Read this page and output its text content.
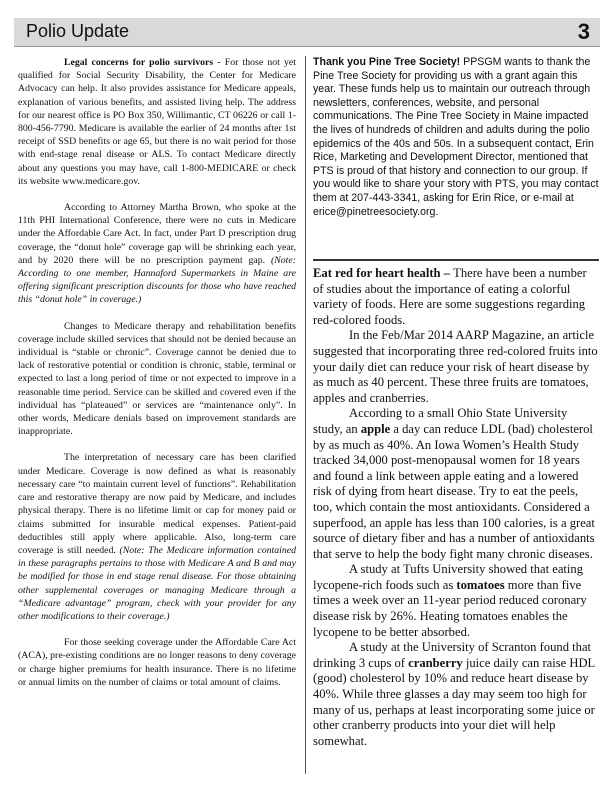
Polio Update	3

Legal concerns for polio survivors - For those not yet qualified for Social Security Disability, the Center for Medicare Advocacy can help. It also provides assistance for Medicare appeals, explanation of various benefits, and assisted living help. The address for our nearest office is PO Box 350, Willimantic, CT 06226 or call 1-800-456-7790. Medicare is available the earlier of 24 months after 1st receipt of SSD benefits or age 65, but there is no wait period for those with end-stage renal disease or ALS. To contact Medicare directly about any questions you may have, call 1-800-MEDICARE or check its website www.medicare.gov.

According to Attorney Martha Brown, who spoke at the 11th PHI International Conference, there were no cuts in Medicare under the Affordable Care Act. In fact, under Part D prescription drug coverage, the “donut hole” coverage gap will be shrinking each year, and by 2020 there will be no prescription payment gap. (Note: According to one member, Hannaford Supermarkets in Maine are offering significant prescription discounts for those who have reached this “donut hole” in coverage.)

Changes to Medicare therapy and rehabilitation benefits coverage include skilled services that should not be denied because an individual is “stable or chronic”. Coverage cannot be denied due to lack of restorative potential or condition is chronic, stable, terminal or expected to last a long period of time or not expected to improve in a reasonable time period. Service can be skilled and covered even if the individual has “plateaued” or services are “maintenance only”. In other words, Medicare denials based on improvement standards are inappropriate.

The interpretation of necessary care has been clarified under Medicare. Coverage is now defined as what is reasonably necessary care “to maintain current level of functions”. Rehabilitation care and restorative therapy are now paid by Medicare, and includes physical therapy. There is no lifetime limit or cap for money paid or claims submitted for insurable medical expenses. Patient-paid deductibles still apply where applicable. Also, long-term care coverage is still needed. (Note: The Medicare information contained in these paragraphs pertains to those with Medicare A and B and may be modified for those in end stage renal disease. For those obtaining other supplemental coverages or managing Medicare through a “Medicare advantage” program, check with your provider for any other modifications to their coverage.)

For those seeking coverage under the Affordable Care Act (ACA), pre-existing conditions are no longer reasons to deny coverage or charge higher premiums for health insurance. There is no lifetime or annual limits on the number of claims or total amount of claims.

Thank you Pine Tree Society! PPSGM wants to thank the Pine Tree Society for providing us with a grant again this year. These funds help us to maintain our outreach through newsletters, conferences, website, and personal communications. The Pine Tree Society in Maine impacted the lives of hundreds of children and adults during the polio epidemics of the 40s and 50s. In a subsequent contact, Erin Rice, Marketing and Development Director, mentioned that PTS is proud of that history and connection to our group. If you would like to share your story with PTS, you may contact them at 207-443-3341, asking for Erin Rice, or e-mail at erice@pinetreesociety.org.

Eat red for heart health – There have been a number of studies about the importance of eating a colorful variety of foods. Here are some suggestions regarding red-colored foods.

In the Feb/Mar 2014 AARP Magazine, an article suggested that incorporating three red-colored fruits into your daily diet can reduce your risk of heart disease by as much as 40 percent. These three fruits are tomatoes, apples and cranberries.

According to a small Ohio State University study, an apple a day can reduce LDL (bad) cholesterol by as much as 40%. An Iowa Women’s Health Study tracked 34,000 post-menopausal women for 18 years and found a link between apple eating and a lowered risk of dying from heart disease. Try to eat the peels, too, which contain the most antioxidants. Considered a superfood, an apple has less than 100 calories, is a great source of dietary fiber and has a number of antioxidants that serve to help the body fight many chronic diseases.

A study at Tufts University showed that eating lycopene-rich foods such as tomatoes more than five times a week over an 11-year period reduced coronary disease risk by 26%. Heating tomatoes enables the lycopene to be better absorbed.

A study at the University of Scranton found that drinking 3 cups of cranberry juice daily can raise HDL (good) cholesterol by 10% and reduce heart disease by 40%. While three glasses a day may seem too high for many of us, perhaps at least incorporating some juice or other cranberry products into your diet will help somewhat.
